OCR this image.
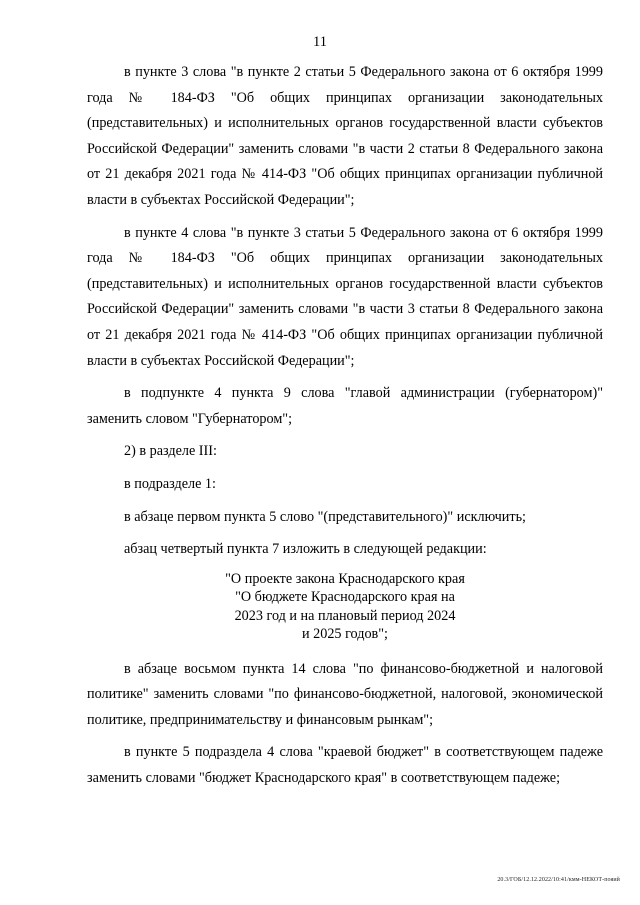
11

в пункте 3 слова "в пункте 2 статьи 5 Федерального закона от 6 октября 1999 года № 184-ФЗ "Об общих принципах организации законодательных (представительных) и исполнительных органов государственной власти субъектов Российской Федерации" заменить словами "в части 2 статьи 8 Федерального закона от 21 декабря 2021 года № 414-ФЗ "Об общих принципах организации публичной власти в субъектах Российской Федерации";

в пункте 4 слова "в пункте 3 статьи 5 Федерального закона от 6 октября 1999 года № 184-ФЗ "Об общих принципах организации законодательных (представительных) и исполнительных органов государственной власти субъектов Российской Федерации" заменить словами "в части 3 статьи 8 Федерального закона от 21 декабря 2021 года № 414-ФЗ "Об общих принципах организации публичной власти в субъектах Российской Федерации";

в подпункте 4 пункта 9 слова "главой администрации (губернатором)" заменить словом "Губернатором";

2) в разделе III:

в подразделе 1:

в абзаце первом пункта 5 слово "(представительного)" исключить;

абзац четвертый пункта 7 изложить в следующей редакции:

"О проекте закона Краснодарского края
"О бюджете Краснодарского края на
2023 год и на плановый период 2024
и 2025 годов";

в абзаце восьмом пункта 14 слова "по финансово-бюджетной и налоговой политике" заменить словами "по финансово-бюджетной, налоговой, экономической политике, предпринимательству и финансовым рынкам";

в пункте 5 подраздела 4 слова "краевой бюджет" в соответствующем падеже заменить словами "бюджет Краснодарского края" в соответствующем падеже;

20.3/ГОБ/12.12.2022/10:41/кмм-НЕКОТ-пояий
